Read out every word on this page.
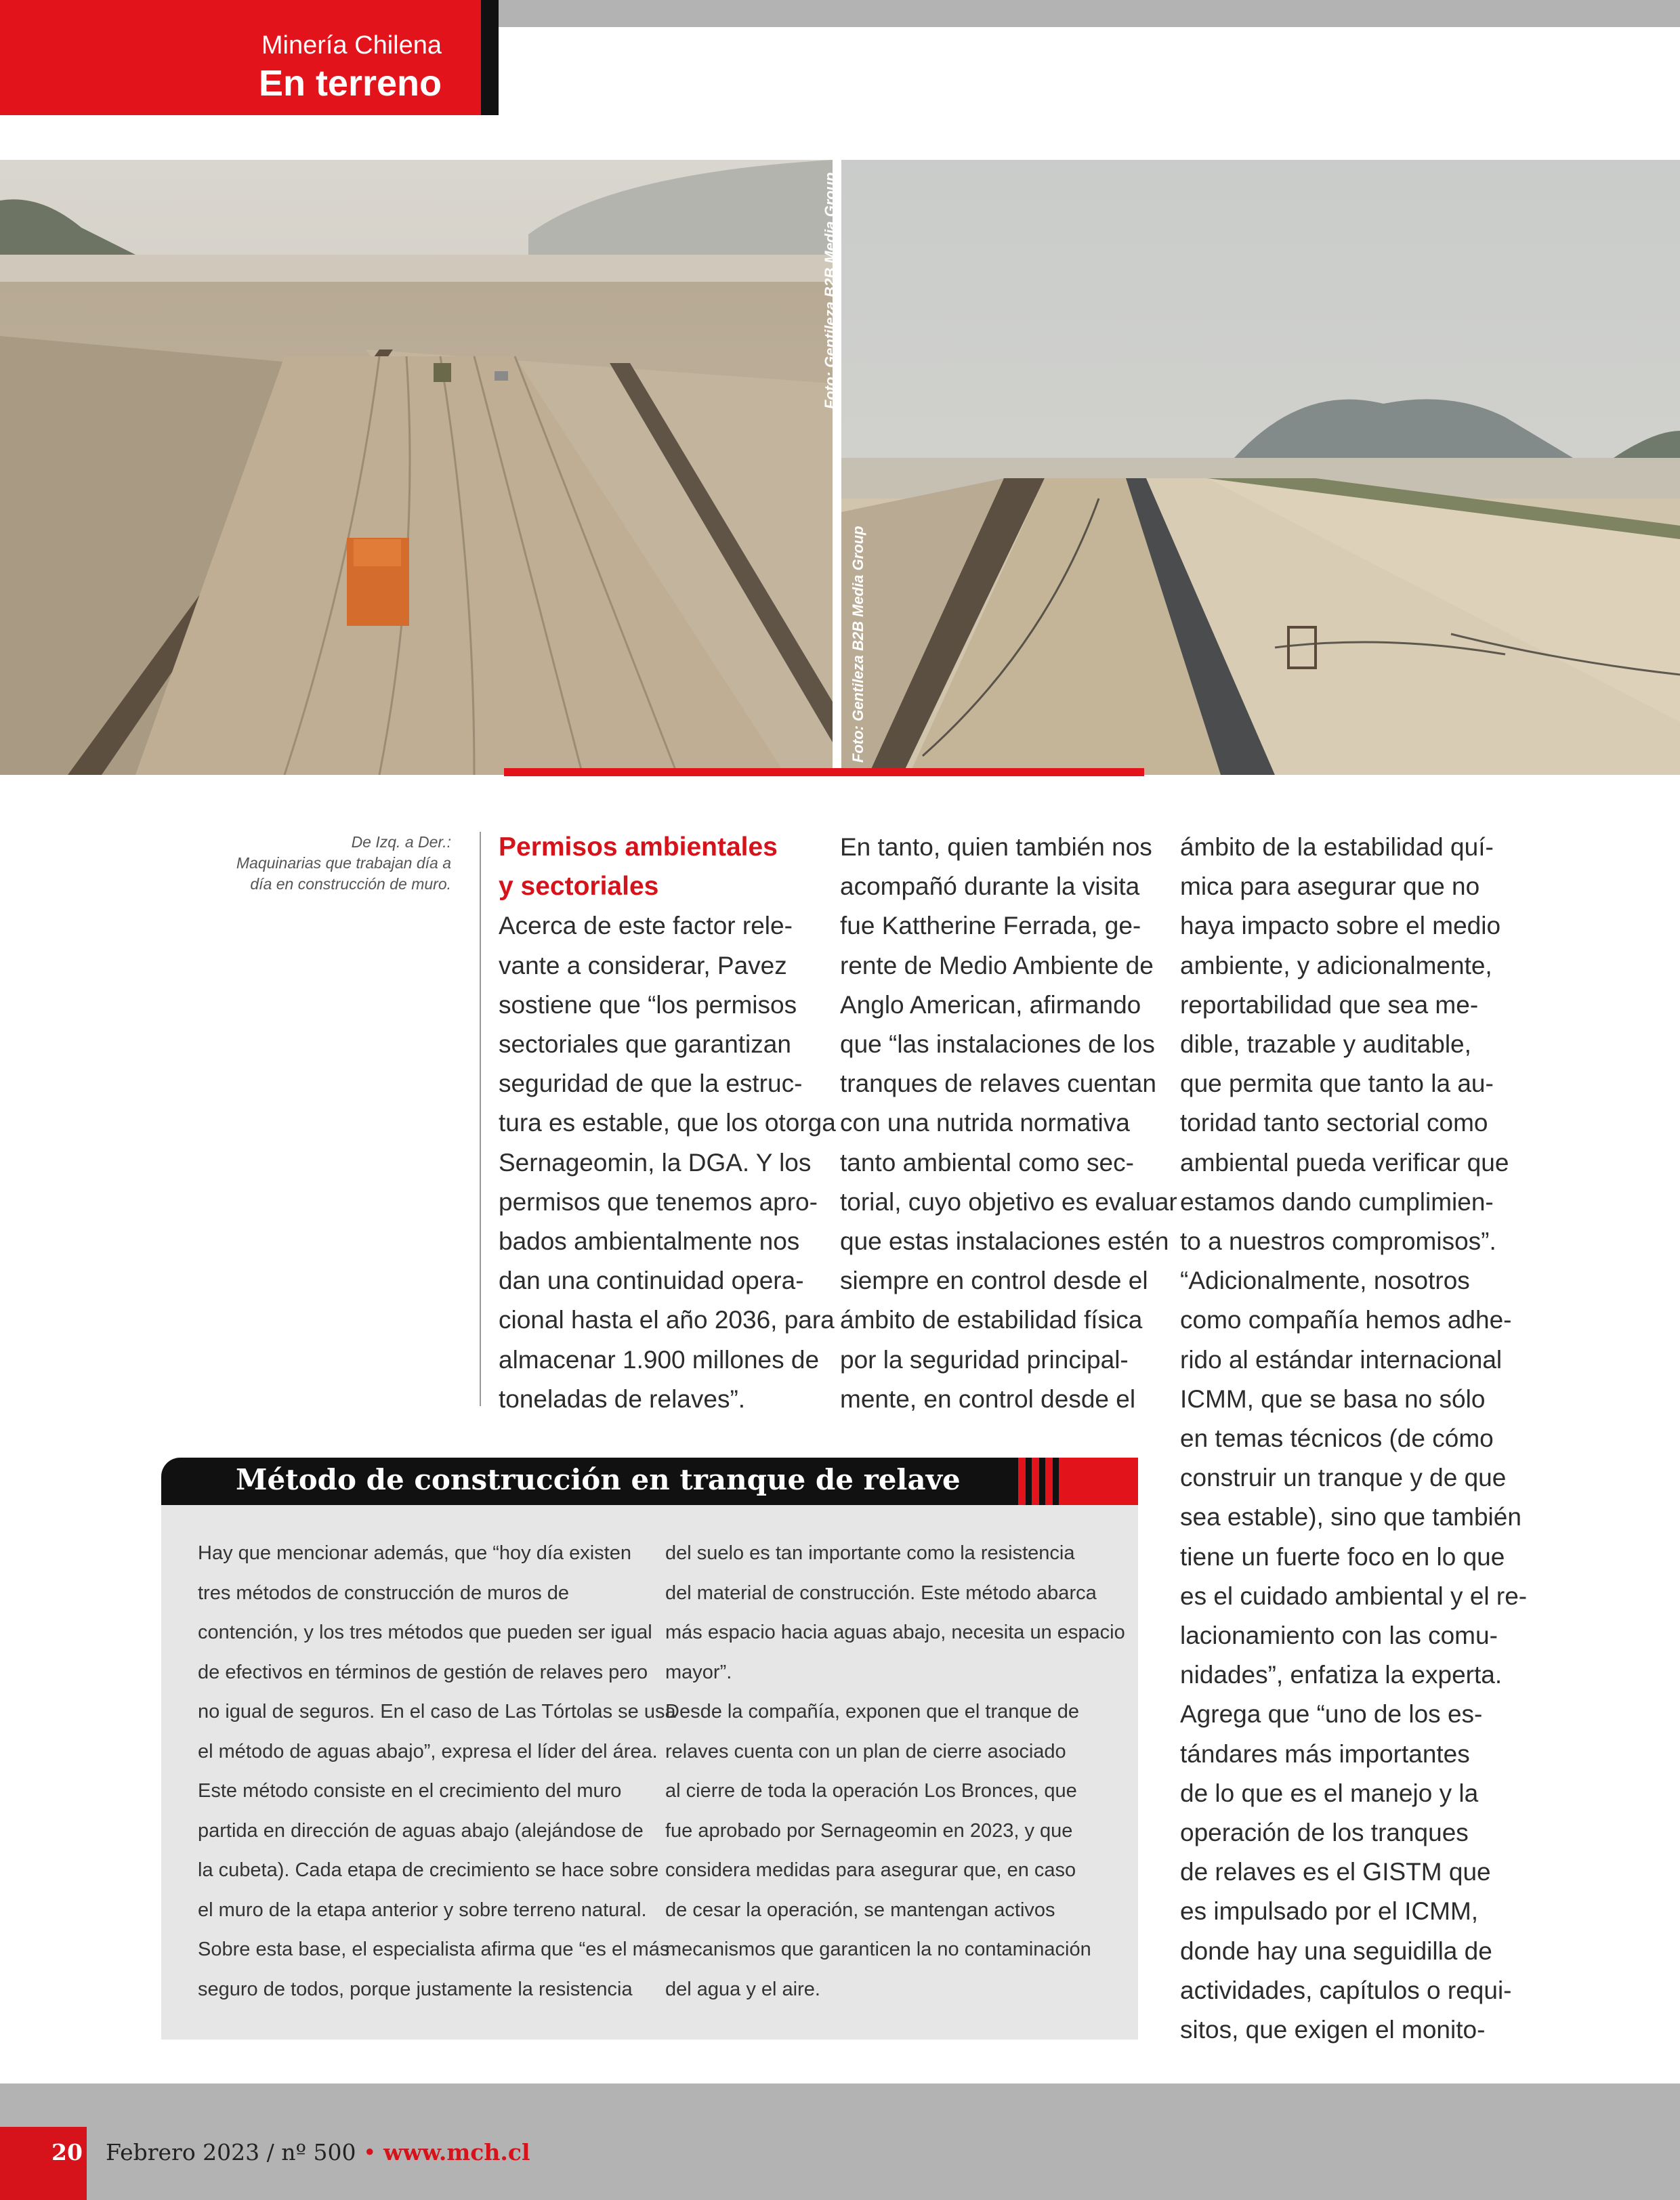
Minería Chilena
En terreno
Foto: Gentileza B2B Media Group
Foto: Gentileza B2B Media Group
De Izq. a Der.:
Maquinarias que trabajan día a
día en construcción de muro.
Permisos ambientales
y sectoriales
Acerca de este factor rele-
vante a considerar, Pavez
sostiene que “los permisos
sectoriales que garantizan
seguridad de que la estruc-
tura es estable, que los otorga
Sernageomin, la DGA. Y los
permisos que tenemos apro-
bados ambientalmente nos
dan una continuidad opera-
cional hasta el año 2036, para
almacenar 1.900 millones de
toneladas de relaves”.
En tanto, quien también nos
acompañó durante la visita
fue Kattherine Ferrada, ge-
rente de Medio Ambiente de
Anglo American, afirmando
que “las instalaciones de los
tranques de relaves cuentan
con una nutrida normativa
tanto ambiental como sec-
torial, cuyo objetivo es evaluar
que estas instalaciones estén
siempre en control desde el
ámbito de estabilidad física
por la seguridad principal-
mente, en control desde el
ámbito de la estabilidad quí-
mica para asegurar que no
haya impacto sobre el medio
ambiente, y adicionalmente,
reportabilidad que sea me-
dible, trazable y auditable,
que permita que tanto la au-
toridad tanto sectorial como
ambiental pueda verificar que
estamos dando cumplimien-
to a nuestros compromisos”.
“Adicionalmente, nosotros
como compañía hemos adhe-
rido al estándar internacional
ICMM, que se basa no sólo
en temas técnicos (de cómo
construir un tranque y de que
sea estable), sino que también
tiene un fuerte foco en lo que
es el cuidado ambiental y el re-
lacionamiento con las comu-
nidades”, enfatiza la experta.
Agrega que “uno de los es-
tándares más importantes
de lo que es el manejo y la
operación de los tranques
de relaves es el GISTM que
es impulsado por el ICMM,
donde hay una seguidilla de
actividades, capítulos o requi-
sitos, que exigen el monito-
Método de construcción en tranque de relave
Hay que mencionar además, que “hoy día existen
tres métodos de construcción de muros de
contención, y los tres métodos que pueden ser igual
de efectivos en términos de gestión de relaves pero
no igual de seguros. En el caso de Las Tórtolas se usa
el método de aguas abajo”, expresa el líder del área.
Este método consiste en el crecimiento del muro
partida en dirección de aguas abajo (alejándose de
la cubeta). Cada etapa de crecimiento se hace sobre
el muro de la etapa anterior y sobre terreno natural.
Sobre esta base, el especialista afirma que “es el más
seguro de todos, porque justamente la resistencia
del suelo es tan importante como la resistencia
del material de construcción. Este método abarca
más espacio hacia aguas abajo, necesita un espacio
mayor”.
Desde la compañía, exponen que el tranque de
relaves cuenta con un plan de cierre asociado
al cierre de toda la operación Los Bronces, que
fue aprobado por Sernageomin en 2023, y que
considera medidas para asegurar que, en caso
de cesar la operación, se mantengan activos
mecanismos que garanticen la no contaminación
del agua y el aire.
20 Febrero 2023 / nº 500 • www.mch.cl
